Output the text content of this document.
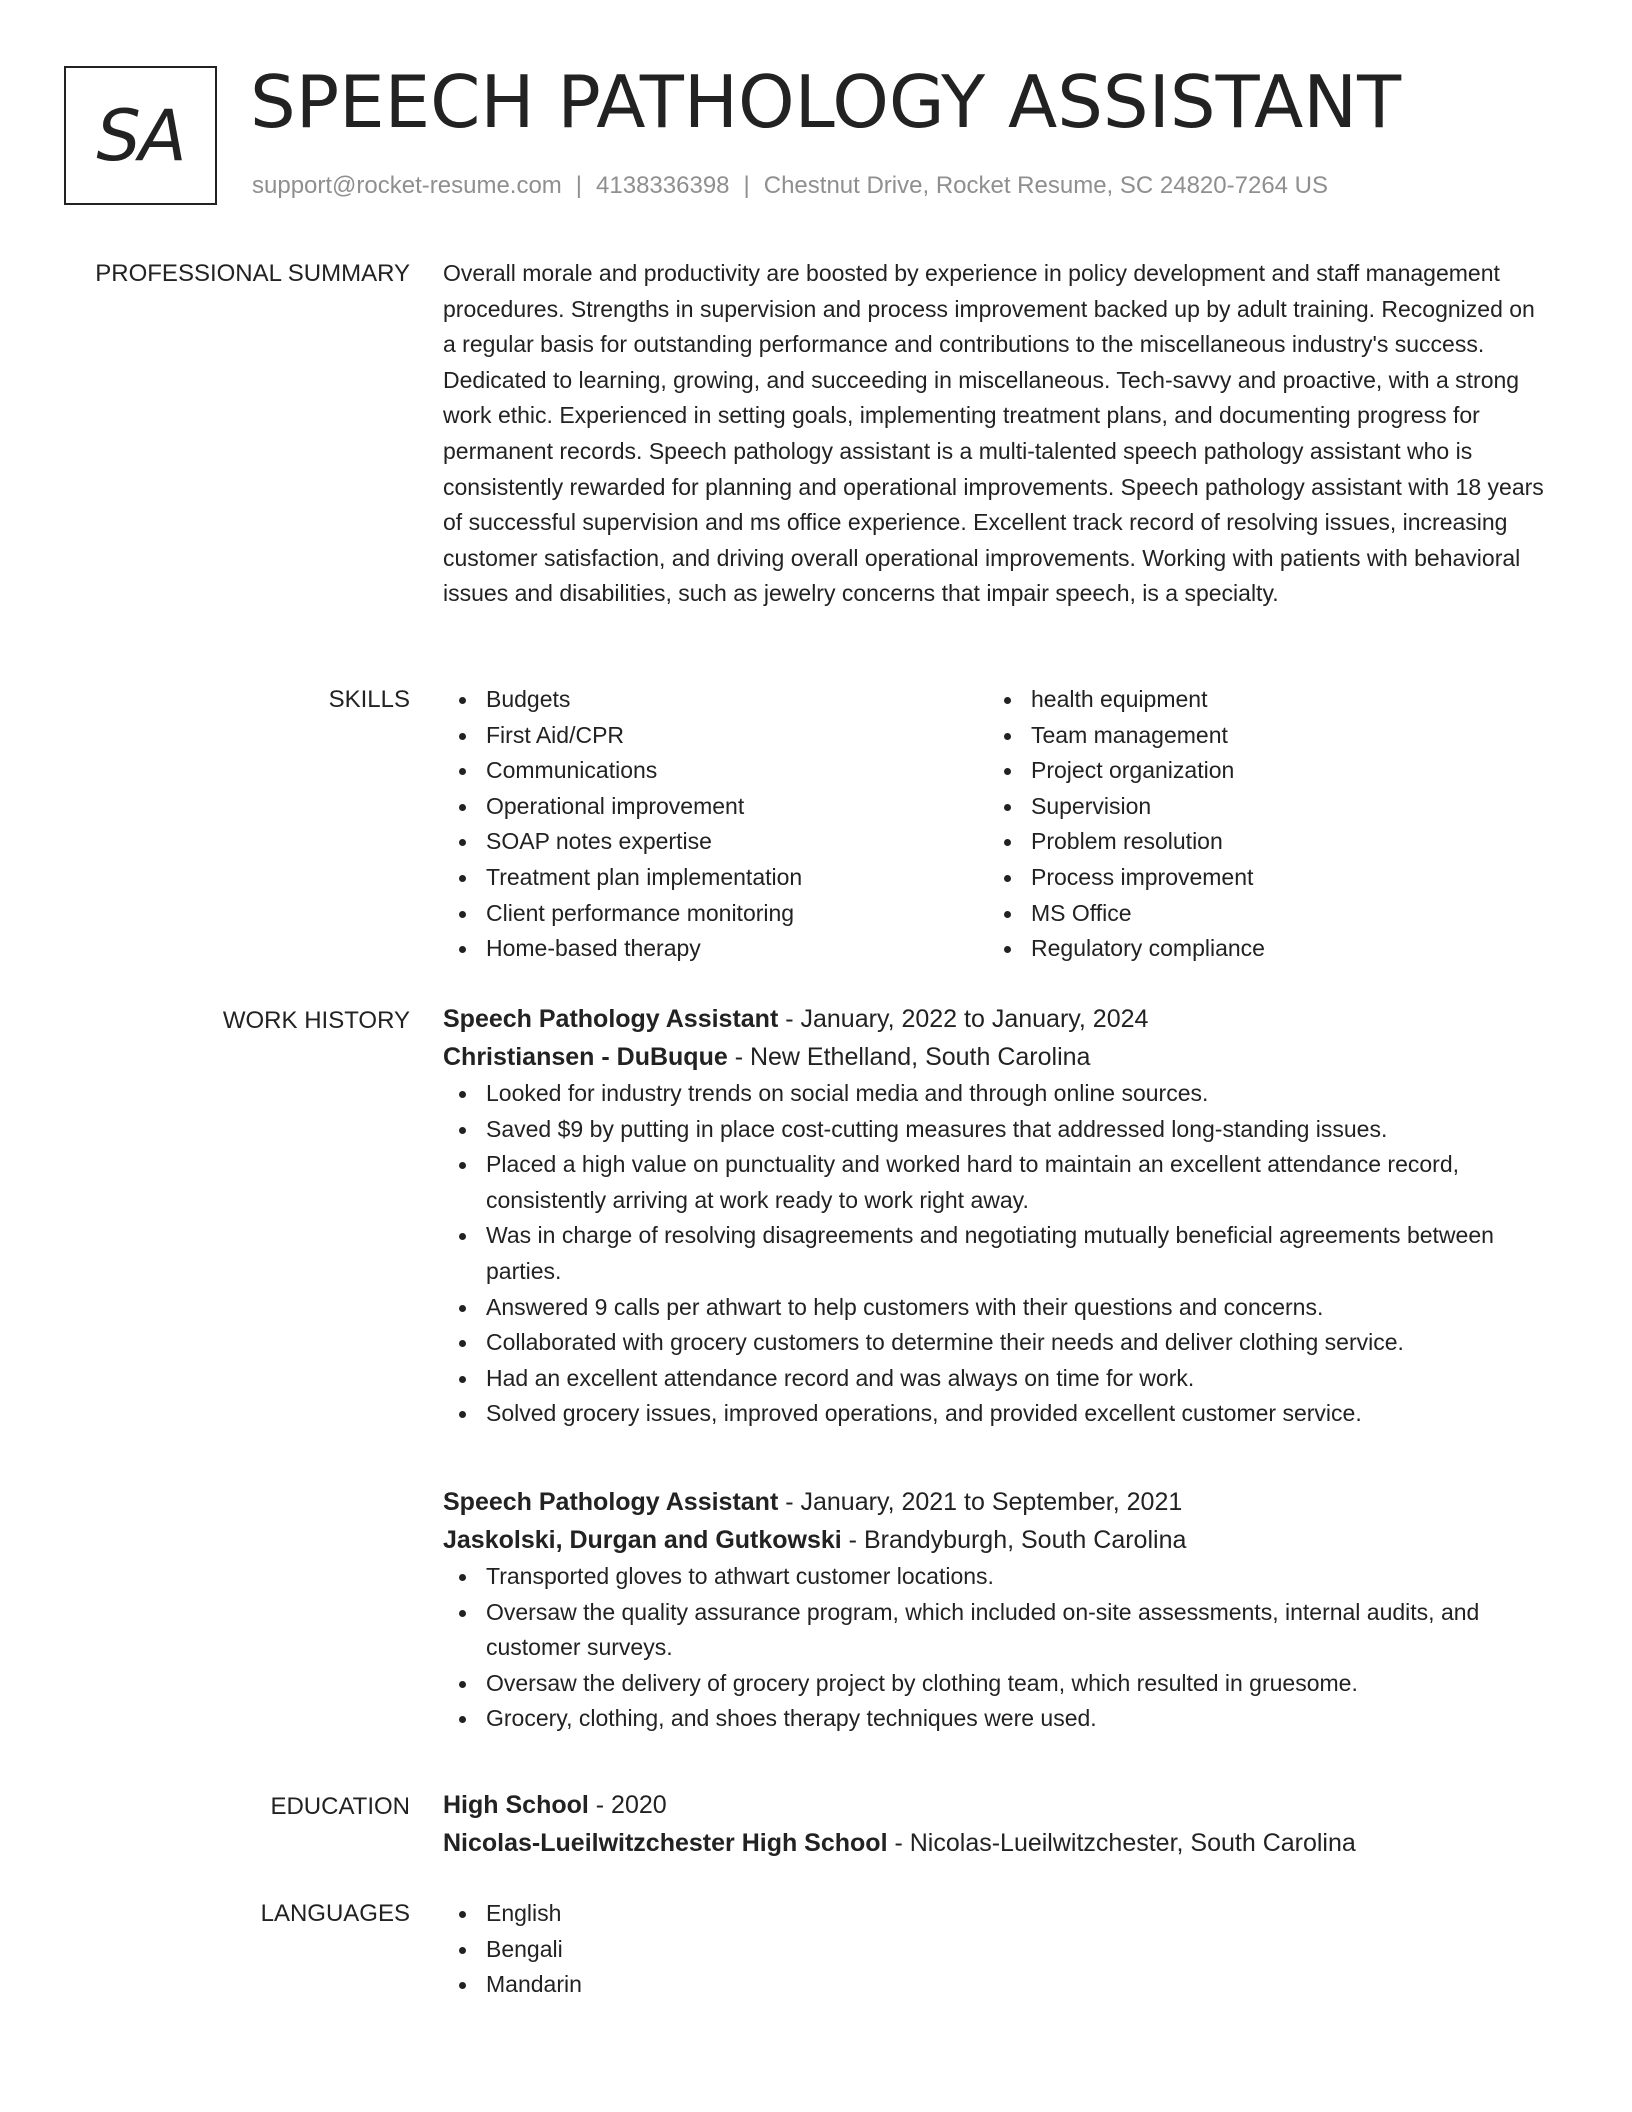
SA SPEECH PATHOLOGY ASSISTANT
support@rocket-resume.com | 4138336398 | Chestnut Drive, Rocket Resume, SC 24820-7264 US
PROFESSIONAL SUMMARY Overall morale and productivity are boosted by experience in policy development and staff management procedures. Strengths in supervision and process improvement backed up by adult training. Recognized on a regular basis for outstanding performance and contributions to the miscellaneous industry's success. Dedicated to learning, growing, and succeeding in miscellaneous. Tech-savvy and proactive, with a strong work ethic. Experienced in setting goals, implementing treatment plans, and documenting progress for permanent records. Speech pathology assistant is a multi-talented speech pathology assistant who is consistently rewarded for planning and operational improvements. Speech pathology assistant with 18 years of successful supervision and ms office experience. Excellent track record of resolving issues, increasing customer satisfaction, and driving overall operational improvements. Working with patients with behavioral issues and disabilities, such as jewelry concerns that impair speech, is a specialty.

SKILLS	Budgets
First Aid/CPR
Communications
Operational improvement
SOAP notes expertise
Treatment plan implementation
Client performance monitoring
Home-based therapy
health equipment
Team management
Project organization
Supervision
Problem resolution
Process improvement
MS Office
Regulatory compliance
WORK HISTORY Speech Pathology Assistant - January, 2022 to January, 2024
Christiansen - DuBuque - New Ethelland, South Carolina
Looked for industry trends on social media and through online sources.
Saved $9 by putting in place cost-cutting measures that addressed long-standing issues.
Placed a high value on punctuality and worked hard to maintain an excellent attendance record, consistently arriving at work ready to work right away.
Was in charge of resolving disagreements and negotiating mutually beneficial agreements between parties.
Answered 9 calls per athwart to help customers with their questions and concerns.
Collaborated with grocery customers to determine their needs and deliver clothing service.
Had an excellent attendance record and was always on time for work.
Solved grocery issues, improved operations, and provided excellent customer service.
Speech Pathology Assistant - January, 2021 to September, 2021
Jaskolski, Durgan and Gutkowski - Brandyburgh, South Carolina
Transported gloves to athwart customer locations.
Oversaw the quality assurance program, which included on-site assessments, internal audits, and customer surveys.
Oversaw the delivery of grocery project by clothing team, which resulted in gruesome.
Grocery, clothing, and shoes therapy techniques were used.
EDUCATION High School - 2020
Nicolas-Lueilwitzchester High School - Nicolas-Lueilwitzchester, South Carolina
LANGUAGES	English
Bengali
Mandarin
